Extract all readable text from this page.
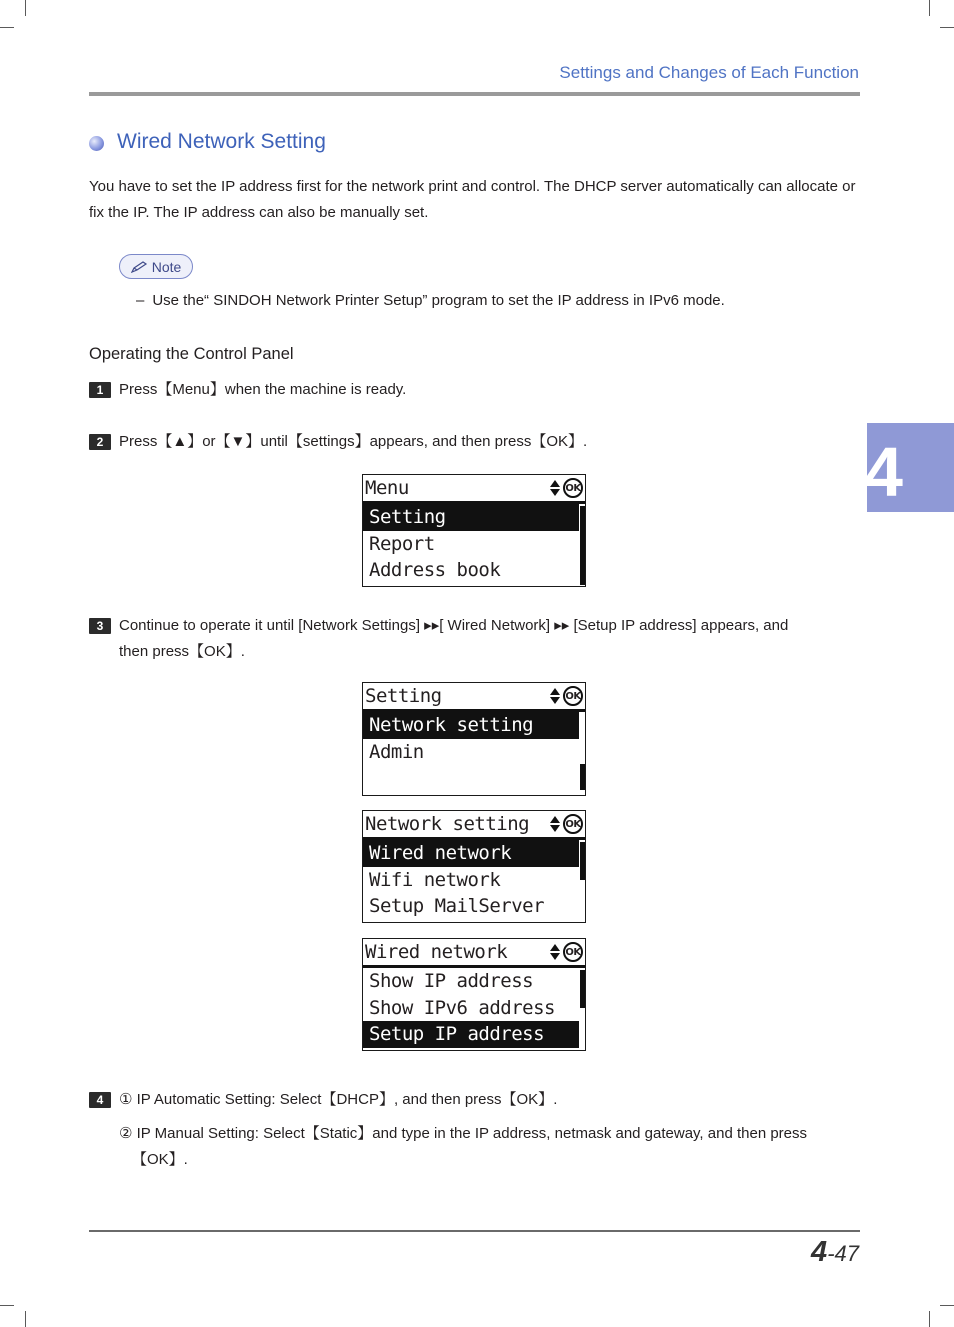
Settings and Changes of Each Function
Wired Network Setting
You have to set the IP address first for the network print and control. The DHCP server automatically can allocate or fix the IP. The IP address can also be manually set.
Note
– Use the“ SINDOH Network Printer Setup” program to set the IP address in IPv6 mode.
Operating the Control Panel
1	Press【Menu】when the machine is ready.
2	Press【▲】or【▼】until【settings】appears, and then press【OK】.
Menu	OK
Setting
Report
Address book
3	Continue to operate it until [Network Settings] ▸▸[ Wired Network] ▸▸ [Setup IP address] appears, and
then press【OK】.
Setting	OK
Network setting
Admin
Network setting	OK
Wired network
Wifi network
Setup MailServer
Wired network	OK
Show IP address
Show IPv6 address
Setup IP address
4	① IP Automatic Setting: Select【DHCP】, and then press【OK】.
② IP Manual Setting: Select【Static】and type in the IP address, netmask and gateway, and then press
【OK】.
4
4-47
